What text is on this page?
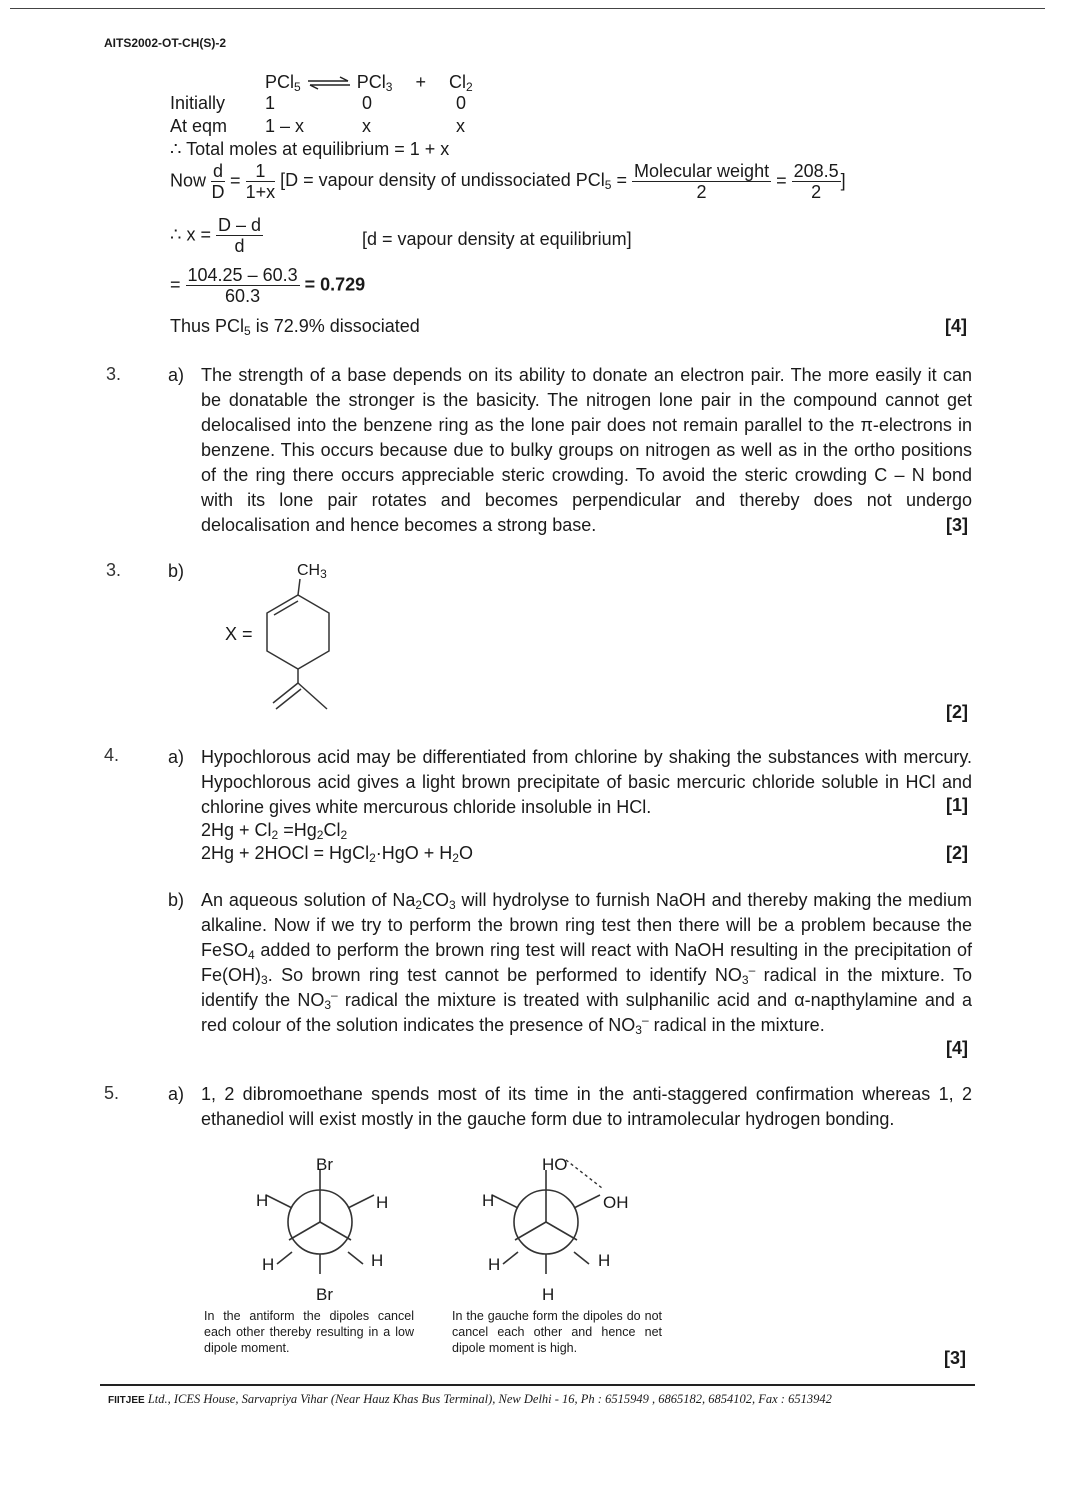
AITS2002-OT-CH(S)-2
PCl$_5$ ⇌ $PCl_3 + Cl_2$
Initially 1	0	0
At eqm 1 – x	x	x
∴ Total moles at equilibrium = 1 + x
Now $\frac{d}{D} = \frac{1}{1+x} [D$ = vapour density of undissociated $PCl_5 = \frac{\text{Molecular weight}}{2} = \frac{208.5}{2}$ ]
∴ $x = \frac{D - d}{d}$	[d = vapour density at equilibrium]
= $\frac{104.25 - 60.3}{60.3} = 0.729$
Thus PCl$_5$ is 72.9% dissociated	[4]
3.	a) The strength of a base depends on its ability to donate an electron pair. The more easily it can be donatable the stronger is the basicity. The nitrogen lone pair in the compound cannot get delocalised into the benzene ring as the lone pair does not remain parallel to the π-electrons in benzene. This occurs because due to bulky groups on nitrogen as well as in the ortho positions of the ring there occurs appreciable steric crowding. To avoid the steric crowding C – N bond with its lone pair rotates and becomes perpendicular and thereby does not undergo delocalisation and hence becomes a strong base.	[3]
3.	b)
X =
$CH_3$
[2]
4.	a) Hypochlorous acid may be differentiated from chlorine by shaking the substances with mercury. Hypochlorous acid gives a light brown precipitate of basic mercuric chloride soluble in HCl and chlorine gives white mercurous chloride insoluble in HCl.	[1]
$2Hg + Cl_2 =Hg_2Cl_2$
2Hg + 2HOCl = HgCl$_2$·HgO + $H_2O$	[2]
b) An aqueous solution of $Na_2CO_3$ will hydrolyse to furnish NaOH and thereby making the medium alkaline. Now if we try to perform the brown ring test then there will be a problem because the FeSO$_4$ added to perform the brown ring test will react with NaOH resulting in the precipitation of $Fe(OH)_3$. So brown ring test cannot be performed to identify $NO_3^-$ radical in the mixture. To identify the $NO_3^-$ radical the mixture is treated with sulphanilic acid and α-napthylamine and a red colour of the solution indicates the presence of $NO_3^-$ radical in the mixture.
[4]
5.	a) 1, 2 dibromoethane spends most of its time in the anti-staggered confirmation whereas 1, 2 ethanediol will exist mostly in the gauche form due to intramolecular hydrogen bonding.
Br
H	H
H	H
Br
In the antiform the dipoles cancel each other thereby resulting in a low dipole moment.
HO
H	OH
H	H
H
In the gauche form the dipoles do not cancel each other and hence net dipole moment is high.	[3]
FIITJEE Ltd., ICES House, Sarvapriya Vihar (Near Hauz Khas Bus Terminal), New Delhi - 16, Ph : 6515949 , 6865182, 6854102, Fax : 6513942
